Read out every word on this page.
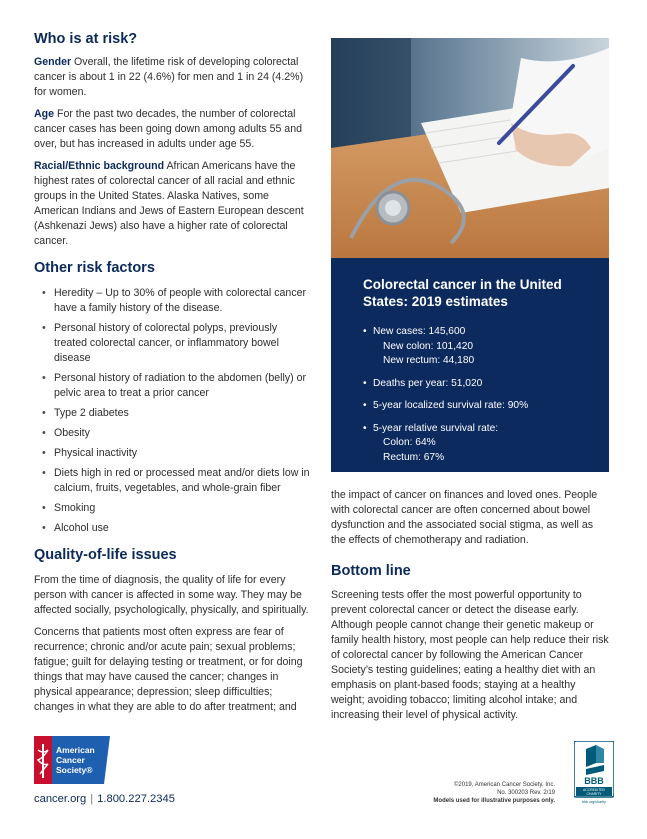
Who is at risk?

Gender Overall, the lifetime risk of developing colorectal cancer is about 1 in 22 (4.6%) for men and 1 in 24 (4.2%) for women.

Age For the past two decades, the number of colorectal cancer cases has been going down among adults 55 and over, but has increased in adults under age 55.

Racial/Ethnic background African Americans have the highest rates of colorectal cancer of all racial and ethnic groups in the United States. Alaska Natives, some American Indians and Jews of Eastern European descent (Ashkenazi Jews) also have a higher rate of colorectal cancer.

Other risk factors
• Heredity – Up to 30% of people with colorectal cancer have a family history of the disease.
• Personal history of colorectal polyps, previously treated colorectal cancer, or inflammatory bowel disease
• Personal history of radiation to the abdomen (belly) or pelvic area to treat a prior cancer
• Type 2 diabetes
• Obesity
• Physical inactivity
• Diets high in red or processed meat and/or diets low in calcium, fruits, vegetables, and whole-grain fiber
• Smoking
• Alcohol use
Quality-of-life issues

From the time of diagnosis, the quality of life for every person with cancer is affected in some way. They may be affected socially, psychologically, physically, and spiritually.

Concerns that patients most often express are fear of recurrence; chronic and/or acute pain; sexual problems; fatigue; guilt for delaying testing or treatment, or for doing things that may have caused the cancer; changes in physical appearance; depression; sleep difficulties; changes in what they are able to do after treatment; and

Colorectal cancer in the United States: 2019 estimates
• New cases: 145,600
New colon: 101,420
New rectum: 44,180
• Deaths per year: 51,020
• 5-year localized survival rate: 90%
• 5-year relative survival rate:
Colon: 64%
Rectum: 67%

the impact of cancer on finances and loved ones. People with colorectal cancer are often concerned about bowel dysfunction and the associated social stigma, as well as the effects of chemotherapy and radiation.

Bottom line

Screening tests offer the most powerful opportunity to prevent colorectal cancer or detect the disease early. Although people cannot change their genetic makeup or family health history, most people can help reduce their risk of colorectal cancer by following the American Cancer Society’s testing guidelines; eating a healthy diet with an emphasis on plant-based foods; staying at a healthy weight; avoiding tobacco; limiting alcohol intake; and increasing their level of physical activity.

American
Cancer
Society®
cancer.org | 1.800.227.2345
©2019, American Cancer Society, Inc.
No. 300203 Rev. 2/19
Models used for illustrative purposes only.
BBB
ACCREDITED
CHARITY
bbb.org/charity
